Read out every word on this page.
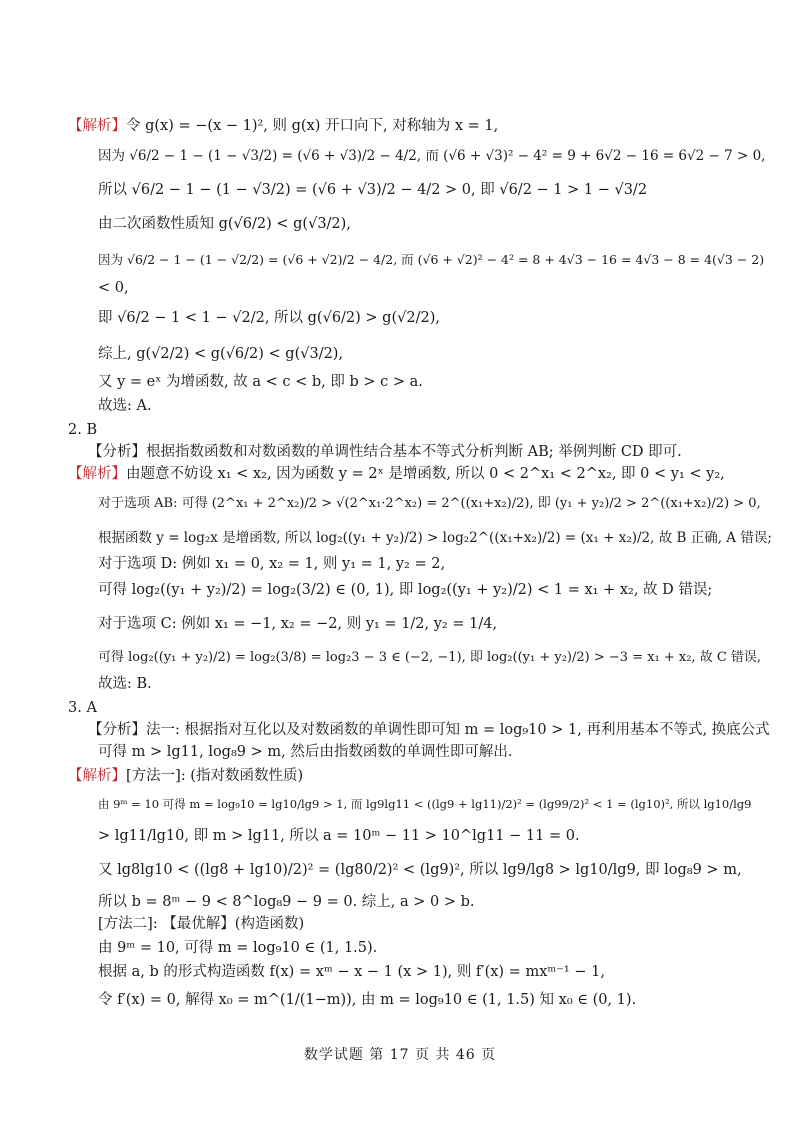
【解析】令 g(x) = −(x − 1)², 则 g(x) 开口向下, 对称轴为 x = 1,
因为 √6/2 − 1 − (1 − √3/2) = (√6 + √3)/2 − 4/2, 而 (√6 + √3)² − 4² = 9 + 6√2 − 16 = 6√2 − 7 > 0,
所以 √6/2 − 1 − (1 − √3/2) = (√6 + √3)/2 − 4/2 > 0, 即 √6/2 − 1 > 1 − √3/2
由二次函数性质知 g(√6/2) < g(√3/2),
因为 √6/2 − 1 − (1 − √2/2) = (√6 + √2)/2 − 4/2, 而 (√6 + √2)² − 4² = 8 + 4√3 − 16 = 4√3 − 8 = 4(√3 − 2)
< 0,
即 √6/2 − 1 < 1 − √2/2, 所以 g(√6/2) > g(√2/2),
综上, g(√2/2) < g(√6/2) < g(√3/2),
又 y = eˣ 为增函数, 故 a < c < b, 即 b > c > a.
故选: A.
2. B
【分析】根据指数函数和对数函数的单调性结合基本不等式分析判断 AB; 举例判断 CD 即可.
【解析】由题意不妨设 x₁ < x₂, 因为函数 y = 2ˣ 是增函数, 所以 0 < 2^x₁ < 2^x₂, 即 0 < y₁ < y₂,
对于选项 AB: 可得 (2^x₁ + 2^x₂)/2 > √(2^x₁·2^x₂) = 2^((x₁+x₂)/2), 即 (y₁ + y₂)/2 > 2^((x₁+x₂)/2) > 0,
根据函数 y = log₂x 是增函数, 所以 log₂((y₁ + y₂)/2) > log₂2^((x₁+x₂)/2) = (x₁ + x₂)/2, 故 B 正确, A 错误;
对于选项 D: 例如 x₁ = 0, x₂ = 1, 则 y₁ = 1, y₂ = 2,
可得 log₂((y₁ + y₂)/2) = log₂(3/2) ∈ (0, 1), 即 log₂((y₁ + y₂)/2) < 1 = x₁ + x₂, 故 D 错误;
对于选项 C: 例如 x₁ = −1, x₂ = −2, 则 y₁ = 1/2, y₂ = 1/4,
可得 log₂((y₁ + y₂)/2) = log₂(3/8) = log₂3 − 3 ∈ (−2, −1), 即 log₂((y₁ + y₂)/2) > −3 = x₁ + x₂, 故 C 错误,
故选: B.
3. A
【分析】法一: 根据指对互化以及对数函数的单调性即可知 m = log₉10 > 1, 再利用基本不等式, 换底公式
可得 m > lg11, log₈9 > m, 然后由指数函数的单调性即可解出.
【解析】[方法一]: (指对数函数性质)
由 9ᵐ = 10 可得 m = log₉10 = lg10/lg9 > 1, 而 lg9lg11 < ((lg9 + lg11)/2)² = (lg99/2)² < 1 = (lg10)², 所以 lg10/lg9
> lg11/lg10, 即 m > lg11, 所以 a = 10ᵐ − 11 > 10^lg11 − 11 = 0.
又 lg8lg10 < ((lg8 + lg10)/2)² = (lg80/2)² < (lg9)², 所以 lg9/lg8 > lg10/lg9, 即 log₈9 > m,
所以 b = 8ᵐ − 9 < 8^log₈9 − 9 = 0. 综上, a > 0 > b.
[方法二]: 【最优解】(构造函数)
由 9ᵐ = 10, 可得 m = log₉10 ∈ (1, 1.5).
根据 a, b 的形式构造函数 f(x) = xᵐ − x − 1 (x > 1), 则 f′(x) = mxᵐ⁻¹ − 1,
令 f′(x) = 0, 解得 x₀ = m^(1/(1−m)), 由 m = log₉10 ∈ (1, 1.5) 知 x₀ ∈ (0, 1).
数学试题 第 17 页 共 46 页
